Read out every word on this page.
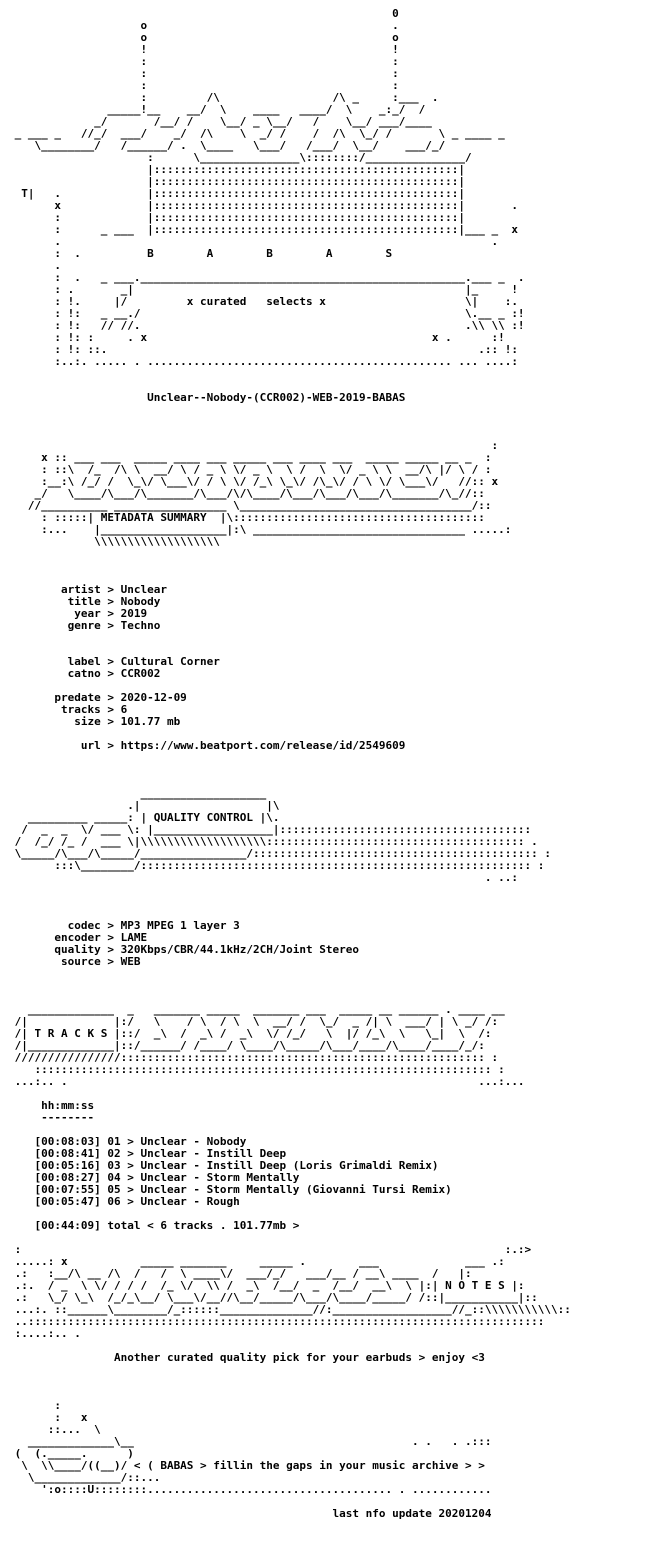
0
o                                     .
o                                     o
!                                     !
:                                     :
:                                     :
:                                     :
:         /\                 /\ _     :___  .
_____!__    __/  \    ____   ____/  \    _:_/  /
_/       /__/ /    \__/ _ \__/   /    \__/ ___/____
_ ___ _   //_/  ___/    _/  /\    \  _/ /    /  /\  \_/ /       \ _ ____ _
\________/   /______/ .  \____   \___/   /___/  \__/    ___/_/
:      \_______________\::::::::/_______________/
|::::::::::::::::::::::::::::::::::::::::::::::|
|::::::::::::::::::::::::::::::::::::::::::::::|
T|   .             |::::::::::::::::::::::::::::::::::::::::::::::|
x             |::::::::::::::::::::::::::::::::::::::::::::::|       .
:             |::::::::::::::::::::::::::::::::::::::::::::::|
:      _ ___  |::::::::::::::::::::::::::::::::::::::::::::::|___ _  x
.                                                                 .
:  .          B        A        B        A        S
.
:  .   _ ___._________________________________________________.___ _  .
: .       _|                                                  |_     !
: !.     |/         x curated   selects x                     \|    :.
: !:   _ __./                                                 \.__ _ :!
: !:   // //.                                                 .\\ \\ :!
: !: :     . x                                           x .      :!
: !: ::.                                                        .:: !:
:..:. ..... . .............................................. ... ....:

Unclear--Nobody-(CCR002)-WEB-2019-BABAS

:
x :: ___ ___  _____ ____ ___ _____ ___ ____ ___  _____ _____ __ _  :
: ::\  /_  /\ \  __/ \ / _ \ \/ _ \  \ /  \  \/ _ \ \  __/\ |/ \ / :
:__:\ /_/ /  \_\/ \___\/ / \ \/ /_\ \_\/ /\_\/ / \ \/ \___\/   //:: x
_/   \____/\___/\_______/\___/\/\____/\___/\___/\___/\_______/\_//::
//__________ _________________ \___________________________________/::
: :::::| METADATA SUMMARY  |\::::::::::::::::::::::::::::::::::::::
:...    |___________________|:\ ________________________________ .....:
\\\\\\\\\\\\\\\\\\\

artist > Unclear
title > Nobody
year > 2019
genre > Techno

label > Cultural Corner
catno > CCR002

predate > 2020-12-09
tracks > 6
size > 101.77 mb

url > https://www.beatport.com/release/id/2549609

___________________
.|                   |\
_________ _____: | QUALITY CONTROL |\.
/  _  _  \/ ___ \: |__________________|::::::::::::::::::::::::::::::::::::::
/  /_/ /_ /  ___ \|\\\\\\\\\\\\\\\\\\\::::::::::::::::::::::::::::::::::::::: .
\_____/\___/\_____/________________/::::::::::::::::::::::::::::::::::::::::::: :
:::\________/::::::::::::::::::::::::::::::::::::::::::::::::::::::::::: :
. ..:

codec > MP3 MPEG 1 layer 3
encoder > LAME
quality > 320Kbps/CBR/44.1kHz/2CH/Joint Stereo
source > WEB

_____________  _   _______ _____  _______ ___  _____ __ ______ . ____ __
/|             |:/   \    / \  / \  \  __/ /  \_/  _ /| \  ___/ | \ _/ /:
/| T R A C K S |::/  _\  /  _\ /  _\  \/ /_/   \  |/ /_\  \   \_|  \  /:
/|_____________|::/______/ /____/ \____/\_____/\___/____/\____/____/_/:
////////////////::::::::::::::::::::::::::::::::::::::::::::::::::::::: :
::::::::::::::::::::::::::::::::::::::::::::::::::::::::::::::::::::: :
...:.. .                                                              ...:...

hh:mm:ss
--------

[00:08:03] 01 > Unclear - Nobody
[00:08:41] 02 > Unclear - Instill Deep
[00:05:16] 03 > Unclear - Instill Deep (Loris Grimaldi Remix)
[00:08:27] 04 > Unclear - Storm Mentally
[00:07:55] 05 > Unclear - Storm Mentally (Giovanni Tursi Remix)
[00:05:47] 06 > Unclear - Rough

[00:44:09] total < 6 tracks . 101.77mb >

:                                                                         :.:>
.....: x           _____ _______     _____ .        ___             ___ .:
.:   :__/\ __ /\  /   /  \ ____\/  ___/_/   ___/__ / __\ ____  /   |:
.:.  / _  \ \/ / / /  /_ \/  \\ /  _\  /__/  _  /__/  __\  \ |:| N O T E S |:
.:   \_/ \_\  /_/_\__/ \___\/__//\__/_____/\___/\____/_____/ /::|___________|::
...:. ::______\________/_::::::______________//:__________________//_::\\\\\\\\\\\::
..::::::::::::::::::::::::::::::::::::::::::::::::::::::::::::::::::::::::::::::
:....:.. .

Another curated quality pick for your earbuds > enjoy <3

:
:   x
::...  \
_____________\__                                          . .   . .:::
(  (._____.      )
\  \\____/((__)/ < ( BABAS > fillin the gaps in your music archive > >
\_____________/::...
':o::::U::::::::..................................... . ............

last nfo update 20201204
